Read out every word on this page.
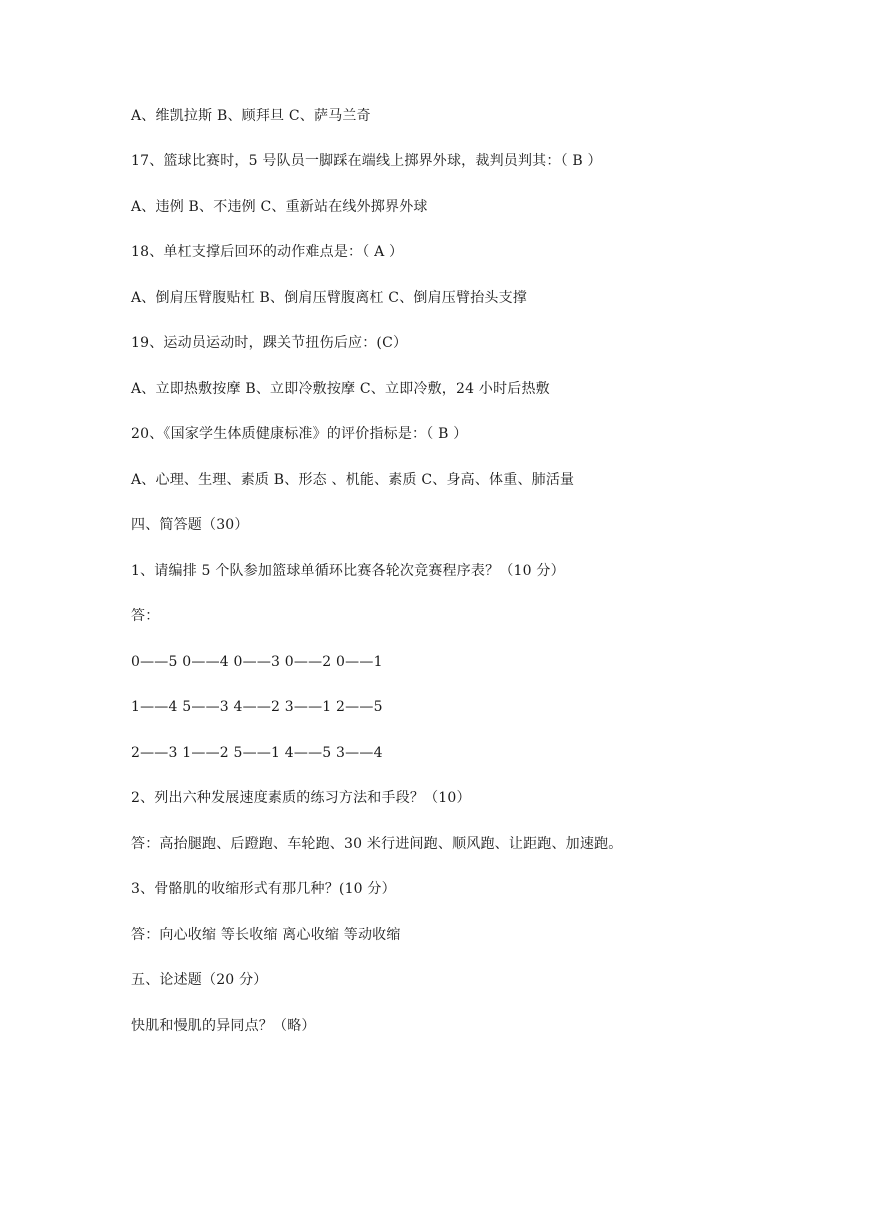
A、维凯拉斯 B、顾拜旦 C、萨马兰奇
17、篮球比赛时，5 号队员一脚踩在端线上掷界外球，裁判员判其：（ B ）
A、违例 B、不违例 C、重新站在线外掷界外球
18、单杠支撑后回环的动作难点是：（ A ）
A、倒肩压臂腹贴杠 B、倒肩压臂腹离杠 C、倒肩压臂抬头支撑
19、运动员运动时，踝关节扭伤后应：(C）
A、立即热敷按摩 B、立即冷敷按摩 C、立即冷敷，24 小时后热敷
20、《国家学生体质健康标准》的评价指标是：（ B ）
A、心理、生理、素质 B、形态 、机能、素质 C、身高、体重、肺活量
四、简答题（30）
1、请编排 5 个队参加篮球单循环比赛各轮次竞赛程序表？（10 分）
答：
0——5 0——4 0——3 0——2 0——1
1——4 5——3 4——2 3——1 2——5
2——3 1——2 5——1 4——5 3——4
2、列出六种发展速度素质的练习方法和手段？（10）
答：高抬腿跑、后蹬跑、车轮跑、30 米行进间跑、顺风跑、让距跑、加速跑。
3、骨骼肌的收缩形式有那几种？(10 分）
答：向心收缩 等长收缩 离心收缩 等动收缩
五、论述题（20 分）
快肌和慢肌的异同点？（略）
